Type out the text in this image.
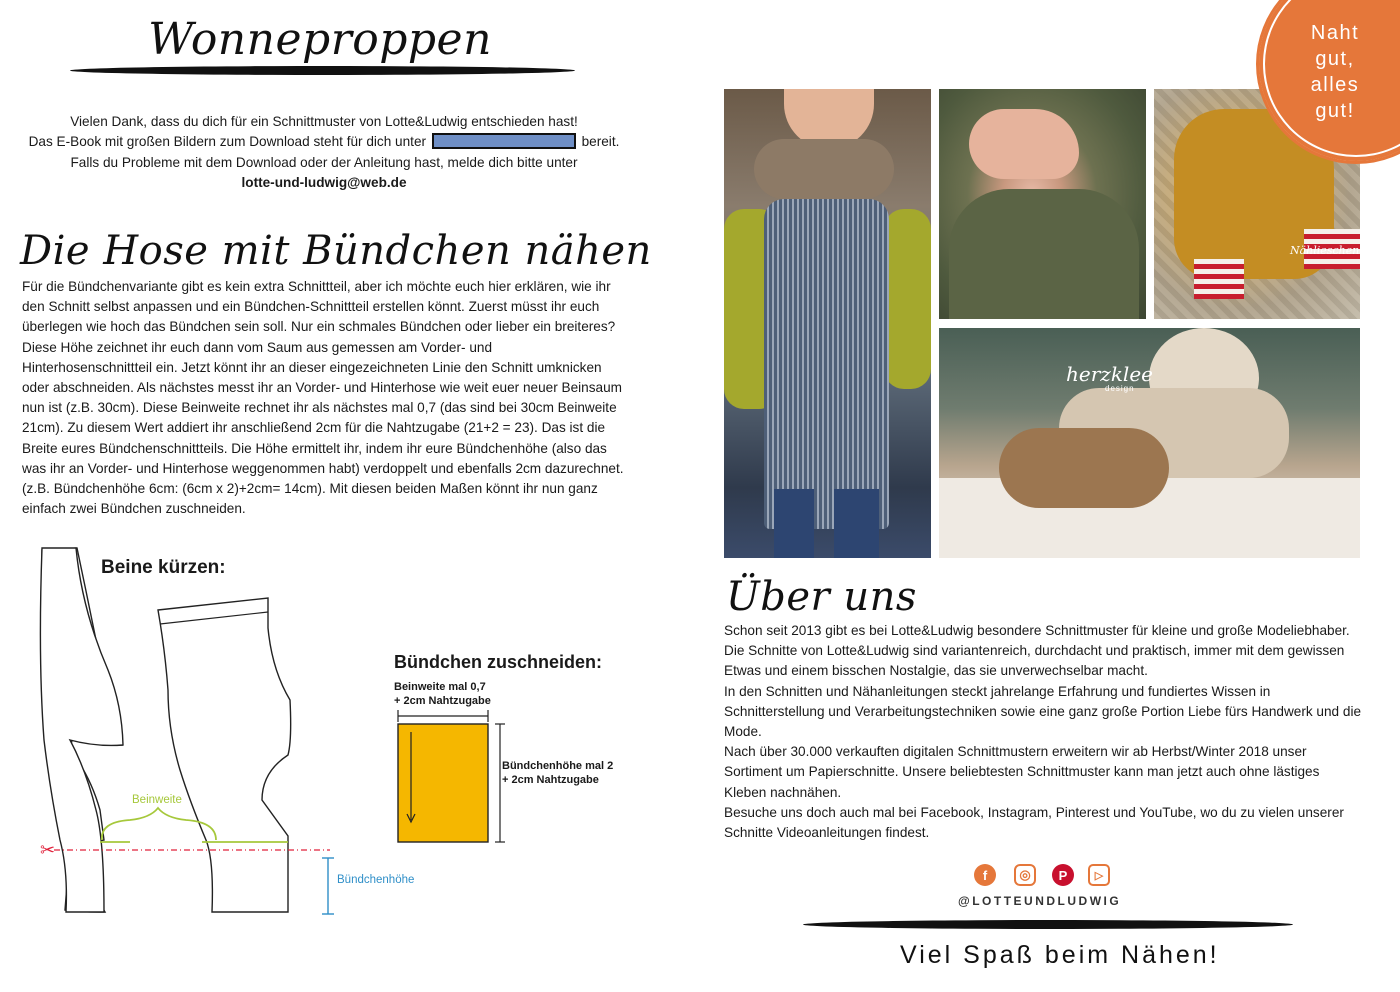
Wonneproppen
Vielen Dank, dass du dich für ein Schnittmuster von Lotte&Ludwig entschieden hast!
Das E-Book mit großen Bildern zum Download steht für dich unter	bereit.
Falls du Probleme mit dem Download oder der Anleitung hast, melde dich bitte unter
lotte-und-ludwig@web.de
Die Hose mit Bündchen nähen
Für die Bündchenvariante gibt es kein extra Schnittteil, aber ich möchte euch hier erklären, wie ihr den Schnitt selbst anpassen und ein Bündchen-Schnittteil erstellen könnt. Zuerst müsst ihr euch überlegen wie hoch das Bündchen sein soll. Nur ein schmales Bündchen oder lieber ein breiteres? Diese Höhe zeichnet ihr euch dann vom Saum aus gemessen am Vorder- und Hinterhosenschnittteil ein. Jetzt könnt ihr an dieser eingezeichneten Linie den Schnitt umknicken oder abschneiden. Als nächstes messt ihr an Vorder- und Hinterhose wie weit euer neuer Beinsaum nun ist (z.B. 30cm). Diese Beinweite rechnet ihr als nächstes mal 0,7 (das sind bei 30cm Beinweite 21cm). Zu diesem Wert addiert ihr anschließend 2cm für die Nahtzugabe (21+2 = 23). Das ist die Breite eures Bündchenschnittteils. Die Höhe ermittelt ihr, indem ihr eure Bündchenhöhe (also das was ihr an Vorder- und Hinterhose weggenommen habt) verdoppelt und ebenfalls 2cm dazurechnet. (z.B. Bündchenhöhe 6cm: (6cm x 2)+2cm= 14cm). Mit diesen beiden Maßen könnt ihr nun ganz einfach zwei Bündchen zuschneiden.
✂
Beine kürzen:
Beinweite
Bündchenhöhe
Bündchen zuschneiden:
Beinweite mal 0,7
+ 2cm Nahtzugabe
Bündchenhöhe mal 2
+ 2cm Nahtzugabe
herzklee
design
Nählieschen
Naht
gut,
alles
gut!
Über uns
Schon seit 2013 gibt es bei Lotte&Ludwig besondere Schnittmuster für kleine und große Modeliebhaber.
Die Schnitte von Lotte&Ludwig sind variantenreich, durchdacht und praktisch, immer mit dem gewissen Etwas und einem bisschen Nostalgie, das sie unverwechselbar macht.
In den Schnitten und Nähanleitungen steckt jahrelange Erfahrung und fundiertes Wissen in Schnitterstellung und Verarbeitungstechniken sowie eine ganz große Portion Liebe fürs Handwerk und die Mode.
Nach über 30.000 verkauften digitalen Schnittmustern erweitern wir ab Herbst/Winter 2018 unser Sortiment um Papierschnitte. Unsere beliebtesten Schnittmuster kann man jetzt auch ohne lästiges Kleben nachnähen.
Besuche uns doch auch mal bei Facebook, Instagram, Pinterest und YouTube, wo du zu vielen unserer Schnitte Videoanleitungen findest.
f	◎	P	▷
@LOTTEUNDLUDWIG
Viel Spaß beim Nähen!
